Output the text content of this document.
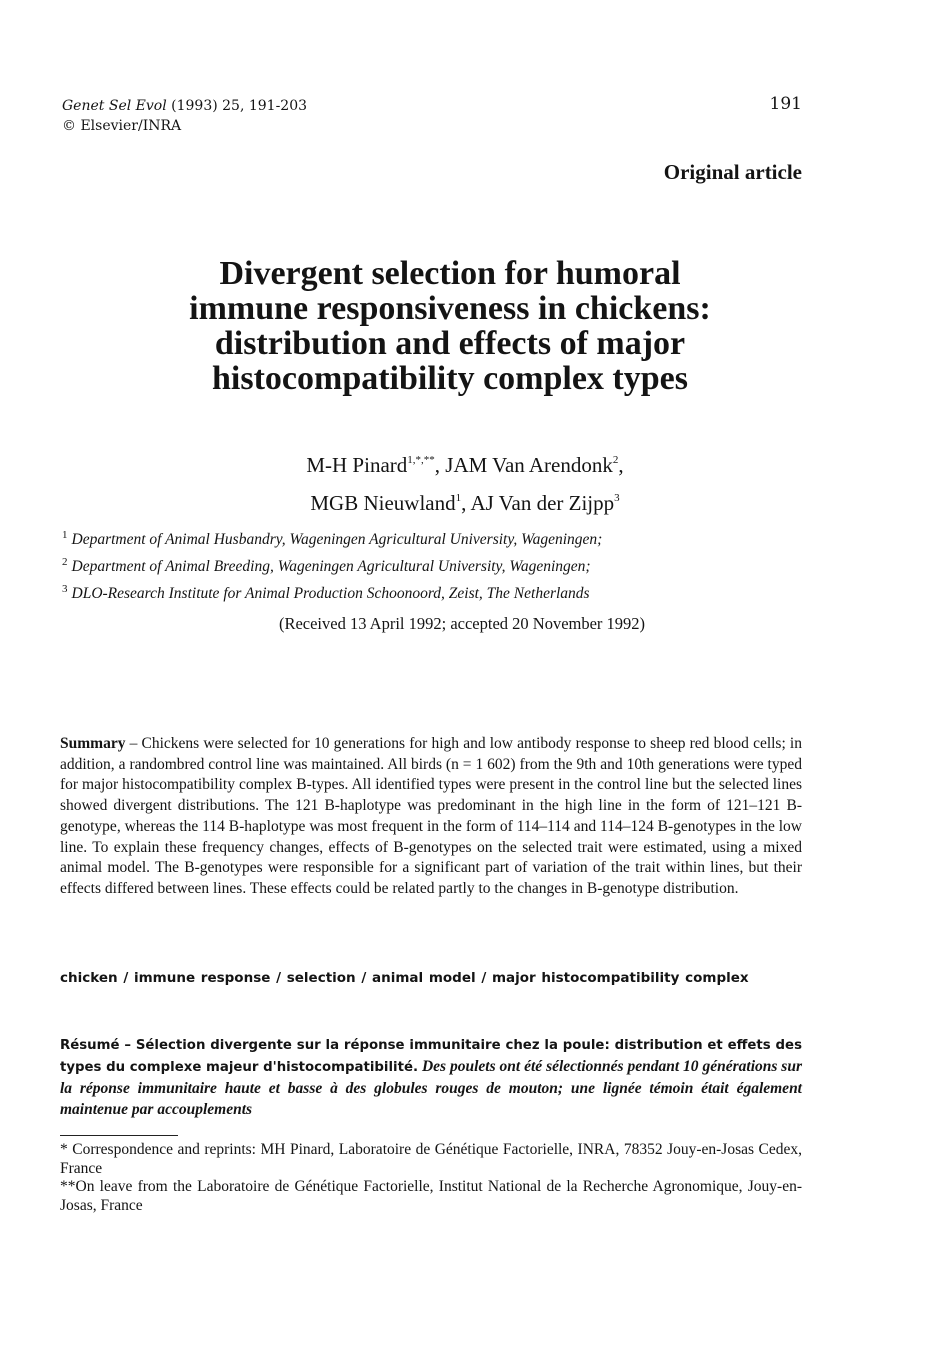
Genet Sel Evol (1993) 25, 191-203
© Elsevier/INRA
191
Original article
Divergent selection for humoral
immune responsiveness in chickens:
distribution and effects of major
histocompatibility complex types
M-H Pinard$^{1,*,**}$, JAM Van Arendonk$^2$,
MGB Nieuwland$^1$, AJ Van der Zijpp$^3$
$^1$ Department of Animal Husbandry, Wageningen Agricultural University, Wageningen;
$^2$ Department of Animal Breeding, Wageningen Agricultural University, Wageningen;
$^3$ DLO-Research Institute for Animal Production Schoonoord, Zeist, The Netherlands
(Received 13 April 1992; accepted 20 November 1992)
Summary – Chickens were selected for 10 generations for high and low antibody response to sheep red blood cells; in addition, a randombred control line was maintained. All birds (n = 1 602) from the 9th and 10th generations were typed for major histocompatibility complex B-types. All identified types were present in the control line but the selected lines showed divergent distributions. The 121 B-haplotype was predominant in the high line in the form of 121–121 B-genotype, whereas the 114 B-haplotype was most frequent in the form of 114–114 and 114–124 B-genotypes in the low line. To explain these frequency changes, effects of B-genotypes on the selected trait were estimated, using a mixed animal model. The B-genotypes were responsible for a significant part of variation of the trait within lines, but their effects differed between lines. These effects could be related partly to the changes in B-genotype distribution.
chicken / immune response / selection / animal model / major histocompatibility complex
Résumé – Sélection divergente sur la réponse immunitaire chez la poule: distribution et effets des types du complexe majeur d'histocompatibilité. Des poulets ont été sélectionnés pendant 10 générations sur la réponse immunitaire haute et basse à des globules rouges de mouton; une lignée témoin était également maintenue par accouplements

* Correspondence and reprints: MH Pinard, Laboratoire de Génétique Factorielle, INRA, 78352 Jouy-en-Josas Cedex, France

**On leave from the Laboratoire de Génétique Factorielle, Institut National de la Recherche Agronomique, Jouy-en-Josas, France
